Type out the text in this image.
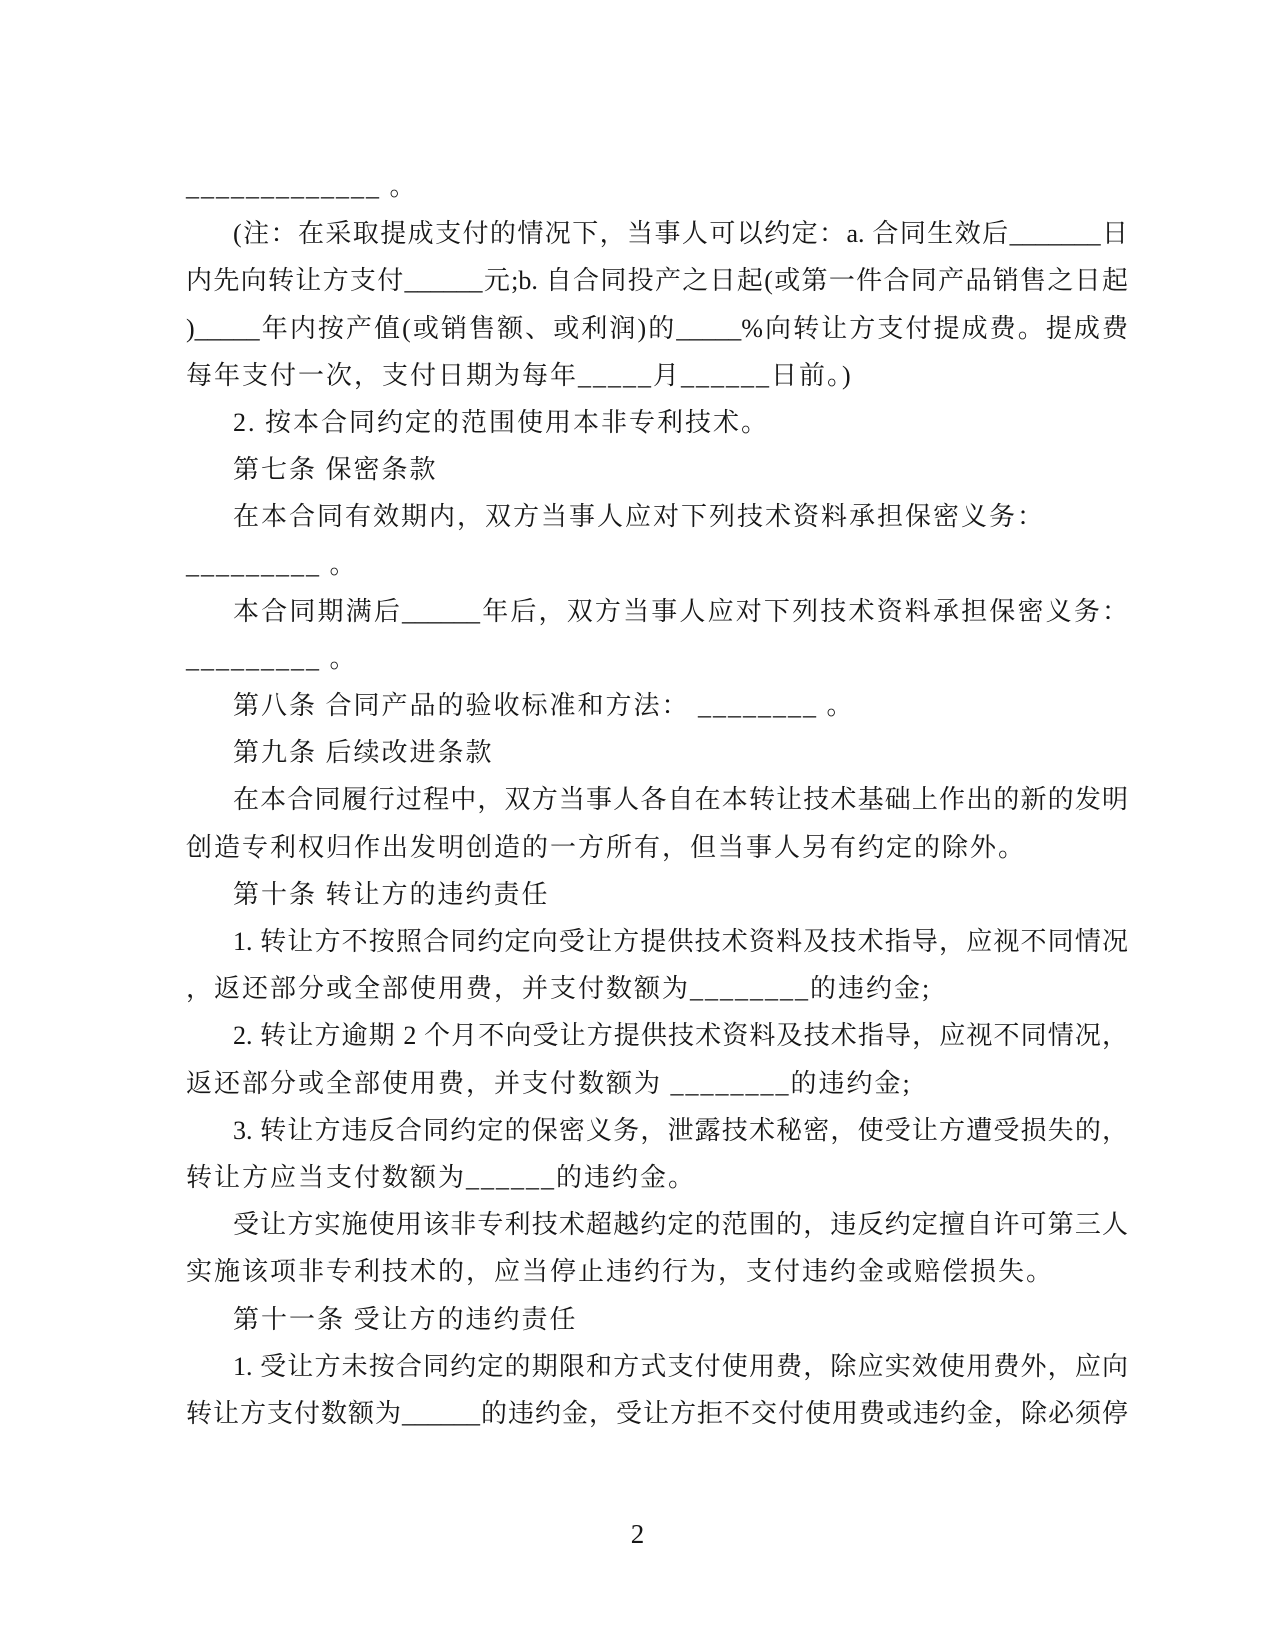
_____________ 。
(注：在采取提成支付的情况下，当事人可以约定：a. 合同生效后_______日
内先向转让方支付______元;b. 自合同投产之日起(或第一件合同产品销售之日起
)_____年内按产值(或销售额、或利润)的_____%向转让方支付提成费。提成费
每年支付一次，支付日期为每年_____月______日前。)
2. 按本合同约定的范围使用本非专利技术。
第七条 保密条款
在本合同有效期内，双方当事人应对下列技术资料承担保密义务：
_________ 。
本合同期满后______年后，双方当事人应对下列技术资料承担保密义务：
_________ 。
第八条 合同产品的验收标准和方法： ________ 。
第九条 后续改进条款
在本合同履行过程中，双方当事人各自在本转让技术基础上作出的新的发明
创造专利权归作出发明创造的一方所有，但当事人另有约定的除外。
第十条 转让方的违约责任
1. 转让方不按照合同约定向受让方提供技术资料及技术指导，应视不同情况
，返还部分或全部使用费，并支付数额为________的违约金;
2. 转让方逾期 2 个月不向受让方提供技术资料及技术指导，应视不同情况，
返还部分或全部使用费，并支付数额为 ________的违约金;
3. 转让方违反合同约定的保密义务，泄露技术秘密，使受让方遭受损失的，
转让方应当支付数额为______的违约金。
受让方实施使用该非专利技术超越约定的范围的，违反约定擅自许可第三人
实施该项非专利技术的，应当停止违约行为，支付违约金或赔偿损失。
第十一条 受让方的违约责任
1. 受让方未按合同约定的期限和方式支付使用费，除应实效使用费外，应向
转让方支付数额为______的违约金，受让方拒不交付使用费或违约金，除必须停
2
